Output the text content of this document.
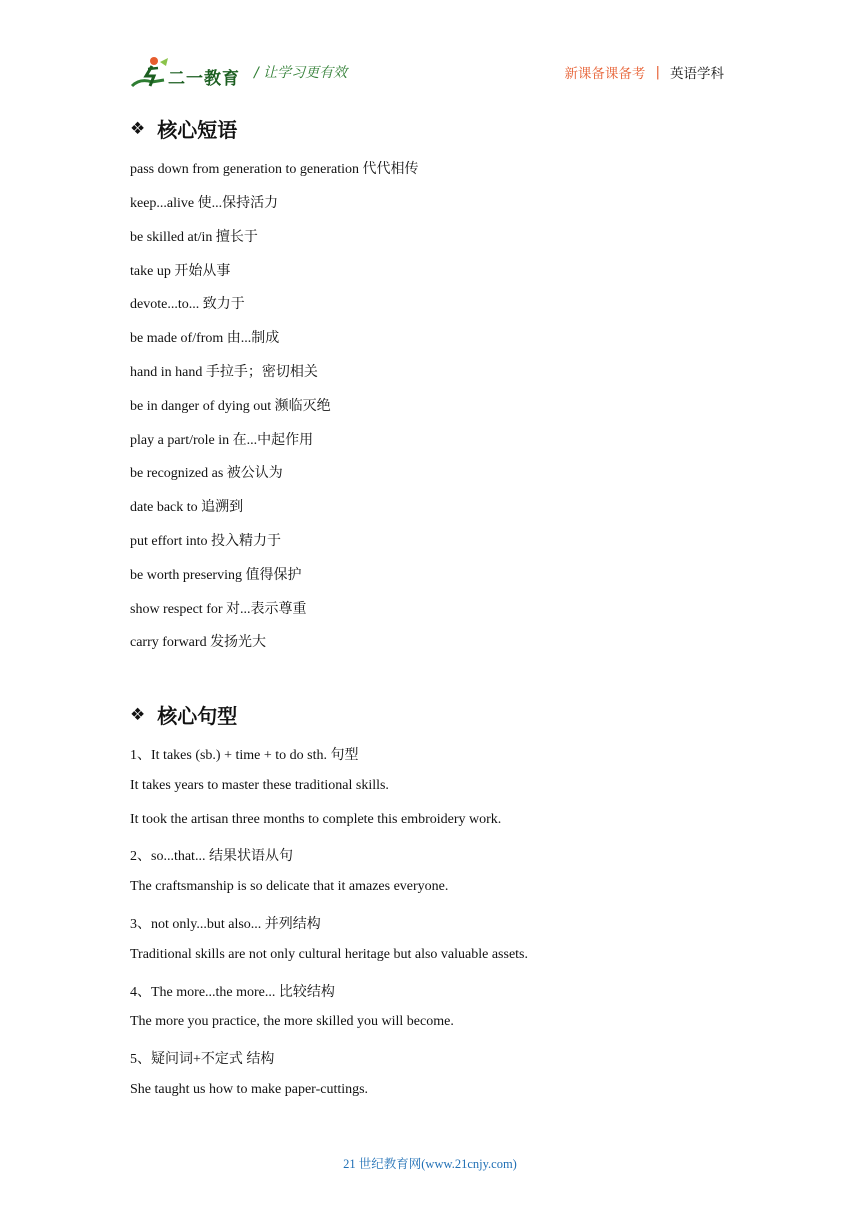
二一教育 / 让学习更有效	新课备课备考 | 英语学科
❖ 核心短语
pass down from generation to generation 代代相传
keep...alive 使...保持活力
be skilled at/in 擅长于
take up 开始从事
devote...to... 致力于
be made of/from 由...制成
hand in hand 手拉手；密切相关
be in danger of dying out 濒临灭绝
play a part/role in 在...中起作用
be recognized as 被公认为
date back to 追溯到
put effort into 投入精力于
be worth preserving 值得保护
show respect for 对...表示尊重
carry forward 发扬光大
❖ 核心句型
1、It takes (sb.) + time + to do sth. 句型
It takes years to master these traditional skills.
It took the artisan three months to complete this embroidery work.
2、so...that... 结果状语从句
The craftsmanship is so delicate that it amazes everyone.
3、not only...but also... 并列结构
Traditional skills are not only cultural heritage but also valuable assets.
4、The more...the more... 比较结构
The more you practice, the more skilled you will become.
5、疑问词+不定式 结构
She taught us how to make paper-cuttings.
21 世纪教育网(www.21cnjy.com)
